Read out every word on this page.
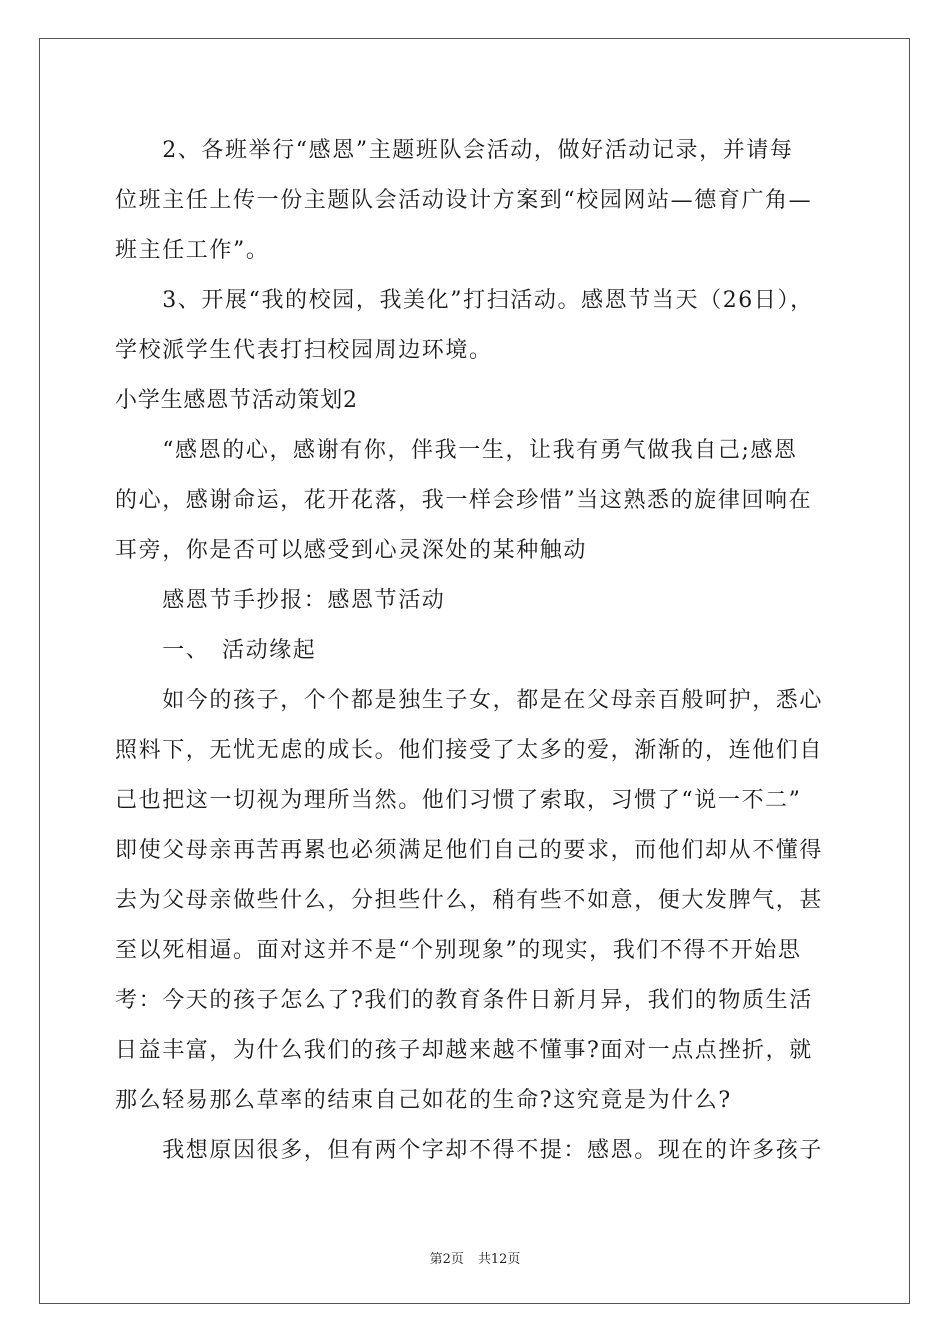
　　2、各班举行“感恩”主题班队会活动，做好活动记录，并请每
位班主任上传一份主题队会活动设计方案到“校园网站—德育广角—
班主任工作”。
　　3、开展“我的校园，我美化”打扫活动。感恩节当天（26日），
学校派学生代表打扫校园周边环境。
小学生感恩节活动策划2
　　“感恩的心，感谢有你，伴我一生，让我有勇气做我自己;感恩
的心，感谢命运，花开花落，我一样会珍惜”当这熟悉的旋律回响在
耳旁，你是否可以感受到心灵深处的某种触动
　　感恩节手抄报：感恩节活动
　　一、　活动缘起
　　如今的孩子，个个都是独生子女，都是在父母亲百般呵护，悉心
照料下，无忧无虑的成长。他们接受了太多的爱，渐渐的，连他们自
己也把这一切视为理所当然。他们习惯了索取，习惯了“说一不二”
即使父母亲再苦再累也必须满足他们自己的要求，而他们却从不懂得
去为父母亲做些什么，分担些什么，稍有些不如意，便大发脾气，甚
至以死相逼。面对这并不是“个别现象”的现实，我们不得不开始思
考：今天的孩子怎么了?我们的教育条件日新月异，我们的物质生活
日益丰富，为什么我们的孩子却越来越不懂事?面对一点点挫折，就
那么轻易那么草率的结束自己如花的生命?这究竟是为什么?
　　我想原因很多，但有两个字却不得不提：感恩。现在的许多孩子
第2页 共12页
